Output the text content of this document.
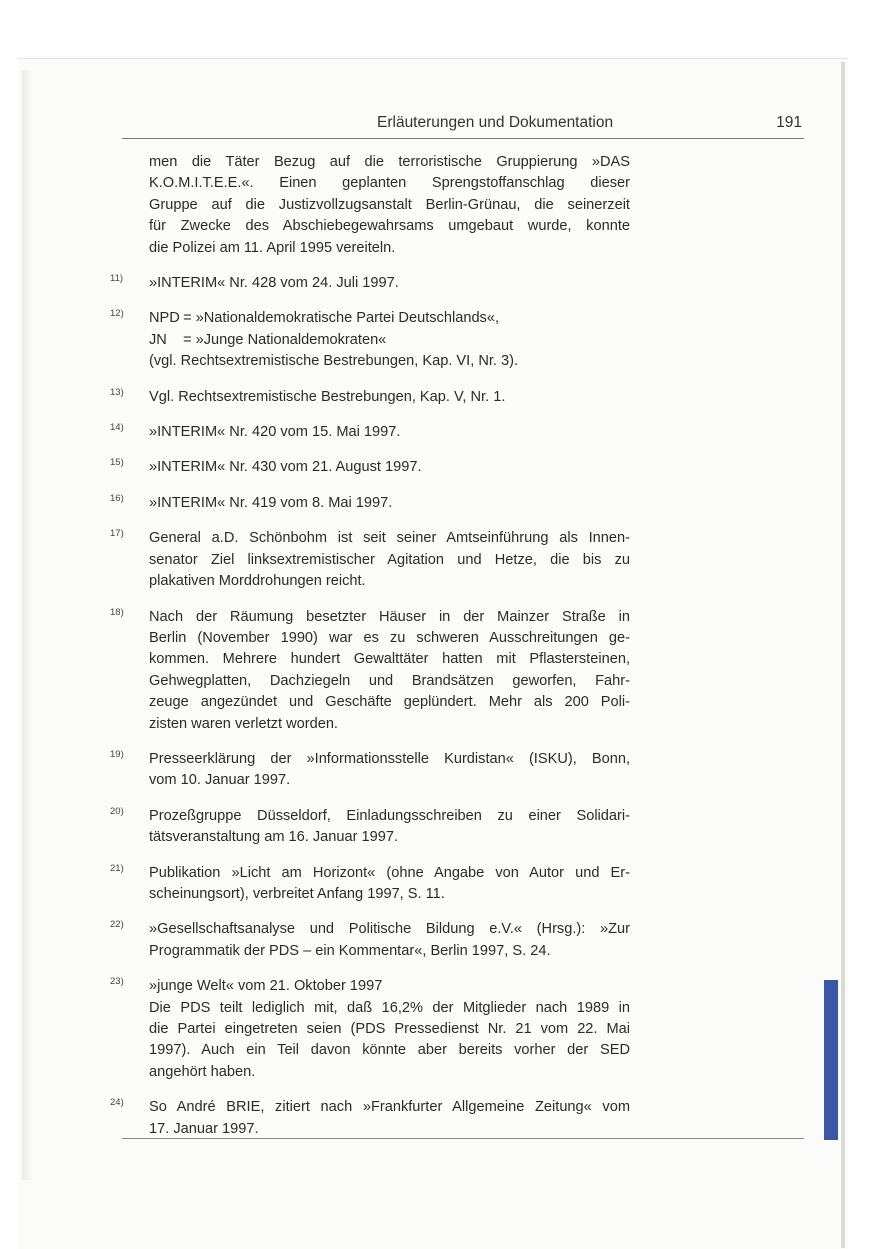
Erläuterungen und Dokumentation	191
men die Täter Bezug auf die terroristische Gruppierung »DAS
K.O.M.I.T.E.E.«. Einen geplanten Sprengstoffanschlag dieser
Gruppe auf die Justizvollzugsanstalt Berlin-Grünau, die seinerzeit
für Zwecke des Abschiebegewahrsams umgebaut wurde, konnte
die Polizei am 11. April 1995 vereiteln.
11)	»INTERIM« Nr. 428 vom 24. Juli 1997.
12)	NPD = »Nationaldemokratische Partei Deutschlands«,
JN = »Junge Nationaldemokraten«
(vgl. Rechtsextremistische Bestrebungen, Kap. VI, Nr. 3).
13)	Vgl. Rechtsextremistische Bestrebungen, Kap. V, Nr. 1.
14)	»INTERIM« Nr. 420 vom 15. Mai 1997.
15)	»INTERIM« Nr. 430 vom 21. August 1997.
16)	»INTERIM« Nr. 419 vom 8. Mai 1997.
17)	General a.D. Schönbohm ist seit seiner Amtseinführung als Innen-
senator Ziel linksextremistischer Agitation und Hetze, die bis zu
plakativen Morddrohungen reicht.
18)	Nach der Räumung besetzter Häuser in der Mainzer Straße in
Berlin (November 1990) war es zu schweren Ausschreitungen ge-
kommen. Mehrere hundert Gewalttäter hatten mit Pflastersteinen,
Gehwegplatten, Dachziegeln und Brandsätzen geworfen, Fahr-
zeuge angezündet und Geschäfte geplündert. Mehr als 200 Poli-
zisten waren verletzt worden.
19)	Presseerklärung der »Informationsstelle Kurdistan« (ISKU), Bonn,
vom 10. Januar 1997.
20)	Prozeßgruppe Düsseldorf, Einladungsschreiben zu einer Solidari-
tätsveranstaltung am 16. Januar 1997.
21)	Publikation »Licht am Horizont« (ohne Angabe von Autor und Er-
scheinungsort), verbreitet Anfang 1997, S. 11.
22)	»Gesellschaftsanalyse und Politische Bildung e.V.« (Hrsg.): »Zur
Programmatik der PDS – ein Kommentar«, Berlin 1997, S. 24.
23)	»junge Welt« vom 21. Oktober 1997
Die PDS teilt lediglich mit, daß 16,2% der Mitglieder nach 1989 in
die Partei eingetreten seien (PDS Pressedienst Nr. 21 vom 22. Mai
1997). Auch ein Teil davon könnte aber bereits vorher der SED
angehört haben.
24)	So André BRIE, zitiert nach »Frankfurter Allgemeine Zeitung« vom
17. Januar 1997.
